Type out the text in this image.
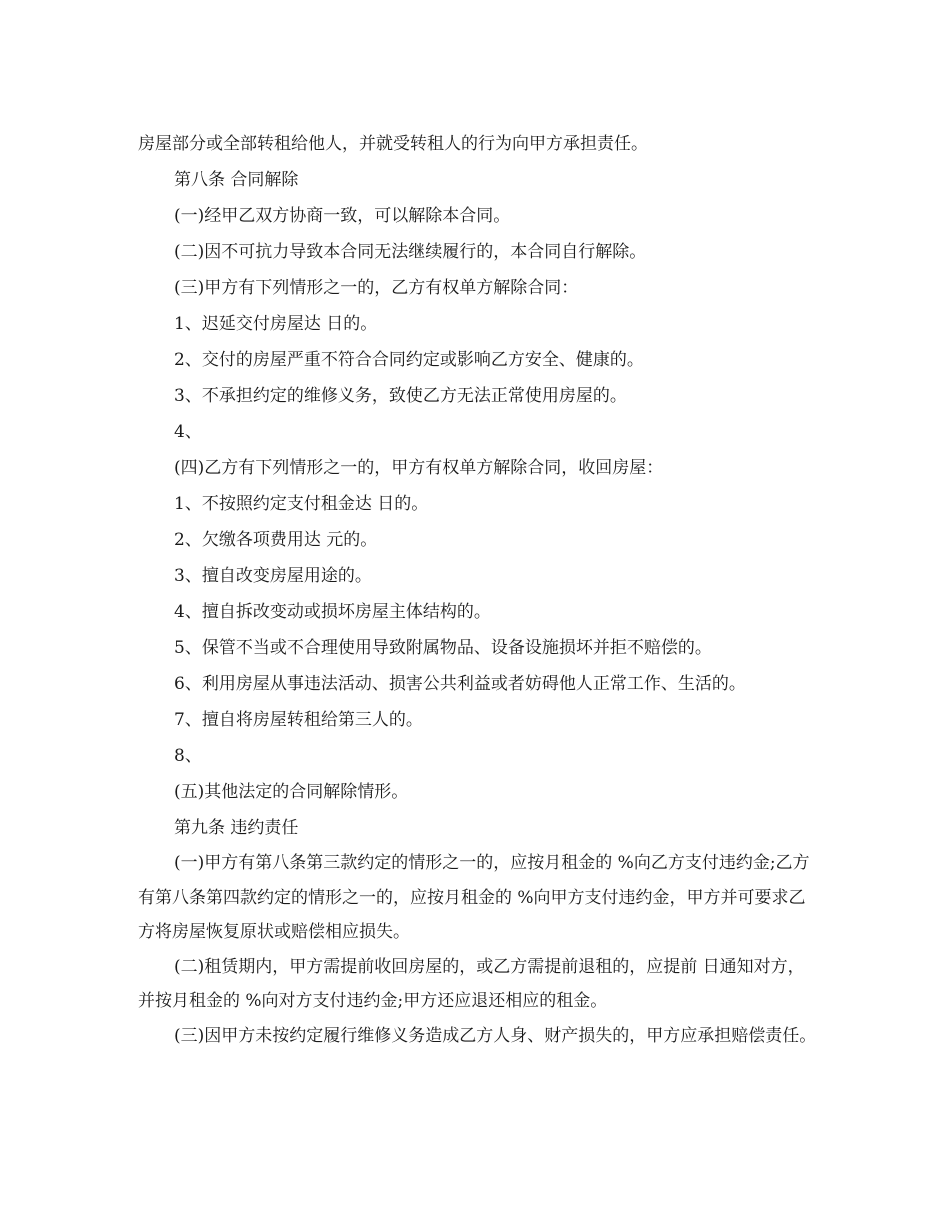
房屋部分或全部转租给他人，并就受转租人的行为向甲方承担责任。

第八条 合同解除

(一)经甲乙双方协商一致，可以解除本合同。

(二)因不可抗力导致本合同无法继续履行的，本合同自行解除。

(三)甲方有下列情形之一的，乙方有权单方解除合同：

1、迟延交付房屋达 日的。

2、交付的房屋严重不符合合同约定或影响乙方安全、健康的。

3、不承担约定的维修义务，致使乙方无法正常使用房屋的。

4、

(四)乙方有下列情形之一的，甲方有权单方解除合同，收回房屋：

1、不按照约定支付租金达 日的。

2、欠缴各项费用达 元的。

3、擅自改变房屋用途的。

4、擅自拆改变动或损坏房屋主体结构的。

5、保管不当或不合理使用导致附属物品、设备设施损坏并拒不赔偿的。

6、利用房屋从事违法活动、损害公共利益或者妨碍他人正常工作、生活的。

7、擅自将房屋转租给第三人的。

8、

(五)其他法定的合同解除情形。

第九条 违约责任

(一)甲方有第八条第三款约定的情形之一的，应按月租金的 %向乙方支付违约金;乙方有第八条第四款约定的情形之一的，应按月租金的 %向甲方支付违约金，甲方并可要求乙方将房屋恢复原状或赔偿相应损失。

(二)租赁期内，甲方需提前收回房屋的，或乙方需提前退租的，应提前 日通知对方，并按月租金的 %向对方支付违约金;甲方还应退还相应的租金。

(三)因甲方未按约定履行维修义务造成乙方人身、财产损失的，甲方应承担赔偿责任。
